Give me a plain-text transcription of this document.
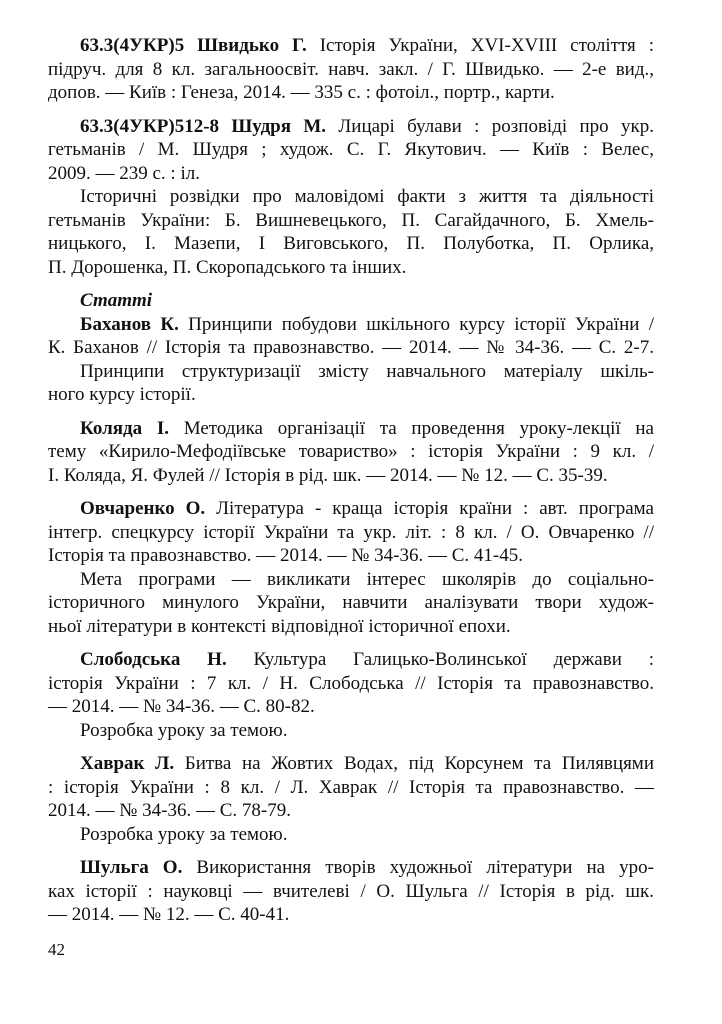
63.3(4УКР)5 Швидько Г. Історія України, XVI-XVIII століття :
підруч. для 8 кл. загальноосвіт. навч. закл. / Г. Швидько. — 2-е вид.,
допов. — Київ : Генеза, 2014. — 335 с. : фотоіл., портр., карти.
63.3(4УКР)512-8 Шудря М. Лицарі булави : розповіді про укр.
гетьманів / М. Шудря ; худож. С. Г. Якутович. — Київ : Велес,
2009. — 239 с. : іл.
Історичні розвідки про маловідомі факти з життя та діяльності
гетьманів України: Б. Вишневецького, П. Сагайдачного, Б. Хмель-
ницького, І. Мазепи, І Виговського, П. Полуботка, П. Орлика,
П. Дорошенка, П. Скоропадського та інших.
Статті
Баханов К. Принципи побудови шкільного курсу історії України /
К. Баханов // Історія та правознавство. — 2014. — № 34-36. — С. 2-7.
Принципи структуризації змісту навчального матеріалу шкіль-
ного курсу історії.
Коляда І. Методика організації та проведення уроку-лекції на
тему «Кирило-Мефодіївське товариство» : історія України : 9 кл. /
І. Коляда, Я. Фулей // Історія в рід. шк. — 2014. — № 12. — С. 35-39.
Овчаренко О. Література - краща історія країни : авт. програма
інтегр. спецкурсу історії України та укр. літ. : 8 кл. / О. Овчаренко //
Історія та правознавство. — 2014. — № 34-36. — С. 41-45.
Мета програми — викликати інтерес школярів до соціально-
історичного минулого України, навчити аналізувати твори худож-
ньої літератури в контексті відповідної історичної епохи.
Слободська Н. Культура Галицько-Волинської держави :
історія України : 7 кл. / Н. Слободська // Історія та правознавство.
— 2014. — № 34-36. — С. 80-82.
Розробка уроку за темою.
Хаврак Л. Битва на Жовтих Водах, під Корсунем та Пилявцями
: історія України : 8 кл. / Л. Хаврак // Історія та правознавство. —
2014. — № 34-36. — С. 78-79.
Розробка уроку за темою.
Шульга О. Використання творів художньої літератури на уро-
ках історії : науковці — вчителеві / О. Шульга // Історія в рід. шк.
— 2014. — № 12. — С. 40-41.
42
